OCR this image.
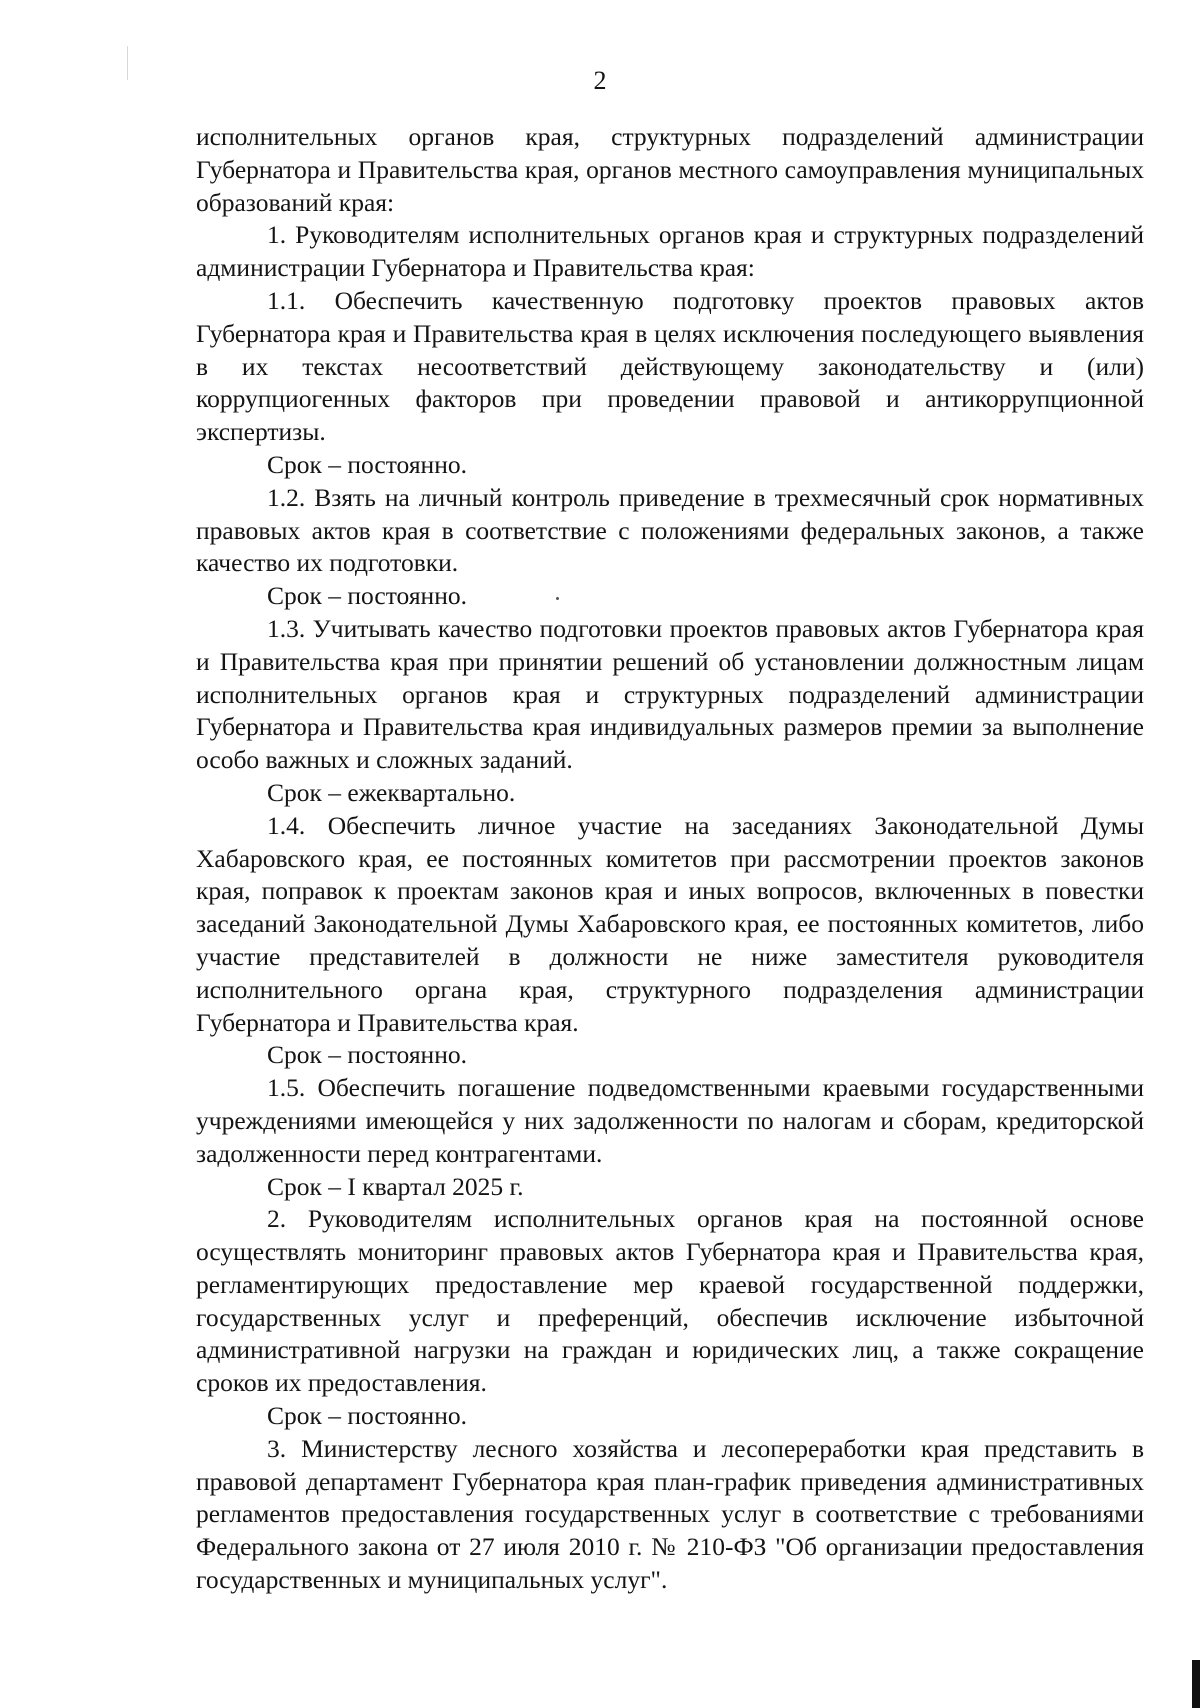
2

исполнительных органов края, структурных подразделений администрации Губернатора и Правительства края, органов местного самоуправления муниципальных образований края:

1. Руководителям исполнительных органов края и структурных подразделений администрации Губернатора и Правительства края:

1.1. Обеспечить качественную подготовку проектов правовых актов Губернатора края и Правительства края в целях исключения последующего выявления в их текстах несоответствий действующему законодательству и (или) коррупциогенных факторов при проведении правовой и антикоррупционной экспертизы.

Срок – постоянно.

1.2. Взять на личный контроль приведение в трехмесячный срок нормативных правовых актов края в соответствие с положениями федеральных законов, а также качество их подготовки.

Срок – постоянно.

1.3. Учитывать качество подготовки проектов правовых актов Губернатора края и Правительства края при принятии решений об установлении должностным лицам исполнительных органов края и структурных подразделений администрации Губернатора и Правительства края индивидуальных размеров премии за выполнение особо важных и сложных заданий.

Срок – ежеквартально.

1.4. Обеспечить личное участие на заседаниях Законодательной Думы Хабаровского края, ее постоянных комитетов при рассмотрении проектов законов края, поправок к проектам законов края и иных вопросов, включенных в повестки заседаний Законодательной Думы Хабаровского края, ее постоянных комитетов, либо участие представителей в должности не ниже заместителя руководителя исполнительного органа края, структурного подразделения администрации Губернатора и Правительства края.

Срок – постоянно.

1.5. Обеспечить погашение подведомственными краевыми государственными учреждениями имеющейся у них задолженности по налогам и сборам, кредиторской задолженности перед контрагентами.

Срок – I квартал 2025 г.

2. Руководителям исполнительных органов края на постоянной основе осуществлять мониторинг правовых актов Губернатора края и Правительства края, регламентирующих предоставление мер краевой государственной поддержки, государственных услуг и преференций, обеспечив исключение избыточной административной нагрузки на граждан и юридических лиц, а также сокращение сроков их предоставления.

Срок – постоянно.

3. Министерству лесного хозяйства и лесопереработки края представить в правовой департамент Губернатора края план-график приведения административных регламентов предоставления государственных услуг в соответствие с требованиями Федерального закона от 27 июля 2010 г. № 210-ФЗ "Об организации предоставления государственных и муниципальных услуг".
